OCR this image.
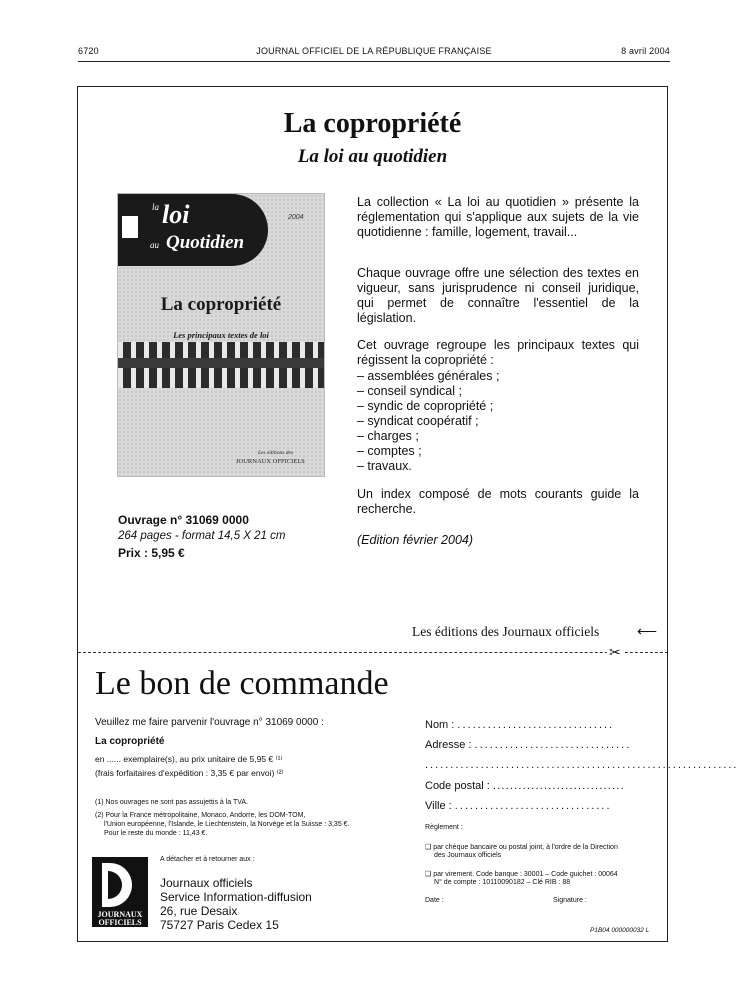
6720	JOURNAL OFFICIEL DE LA RÉPUBLIQUE FRANÇAISE	8 avril 2004
La copropriété
La loi au quotidien
la loi
au Quotidien
2004
La copropriété
Les principaux textes de loi
Les éditions des
JOURNAUX OFFICIELS
La collection « La loi au quotidien » présente la réglementation qui s'applique aux sujets de la vie quotidienne : famille, logement, travail...
Chaque ouvrage offre une sélection des textes en vigueur, sans jurisprudence ni conseil juridique, qui permet de connaître l'essentiel de la législation.
Cet ouvrage regroupe les principaux textes qui régissent la copropriété :
– assemblées générales ;
– conseil syndical ;
– syndic de copropriété ;
– syndicat coopératif ;
– charges ;
– comptes ;
– travaux.
Un index composé de mots courants guide la recherche.
(Edition février 2004)
Ouvrage n° 31069 0000
264 pages - format 14,5 X 21 cm
Prix : 5,95 €
Les éditions des Journaux officiels	⟵
✂
Le bon de commande
Veuillez me faire parvenir l'ouvrage n° 31069 0000 :
La copropriété
en ...... exemplaire(s), au prix unitaire de 5,95 € ⁽¹⁾
(frais forfaitaires d'expédition : 3,35 € par envoi) ⁽²⁾
(1) Nos ouvrages ne sont pas assujettis à la TVA.
(2) Pour la France métropolitaine, Monaco, Andorre, les DOM-TOM,
l'Union européenne, l'Islande, le Liechtenstein, la Norvège et la Suisse : 3,35 €.
Pour le reste du monde : 11,43 €.
A détacher et à retourner aux :
JOURNAUX
OFFICIELS
Journaux officiels
Service Information-diffusion
26, rue Desaix
75727 Paris Cedex 15
Nom : ...............................
Adresse : ...............................
..............................................................
Code postal : ...............................
Ville : ...............................
Règlement :
❑ par chèque bancaire ou postal joint, à l'ordre de la Direction
des Journaux officiels
❑ par virement. Code banque : 30001 – Code guichet : 00064
N° de compte : 10110090182 – Clé RIB : 88
Date :	Signature :
P1B04 000000032 L
